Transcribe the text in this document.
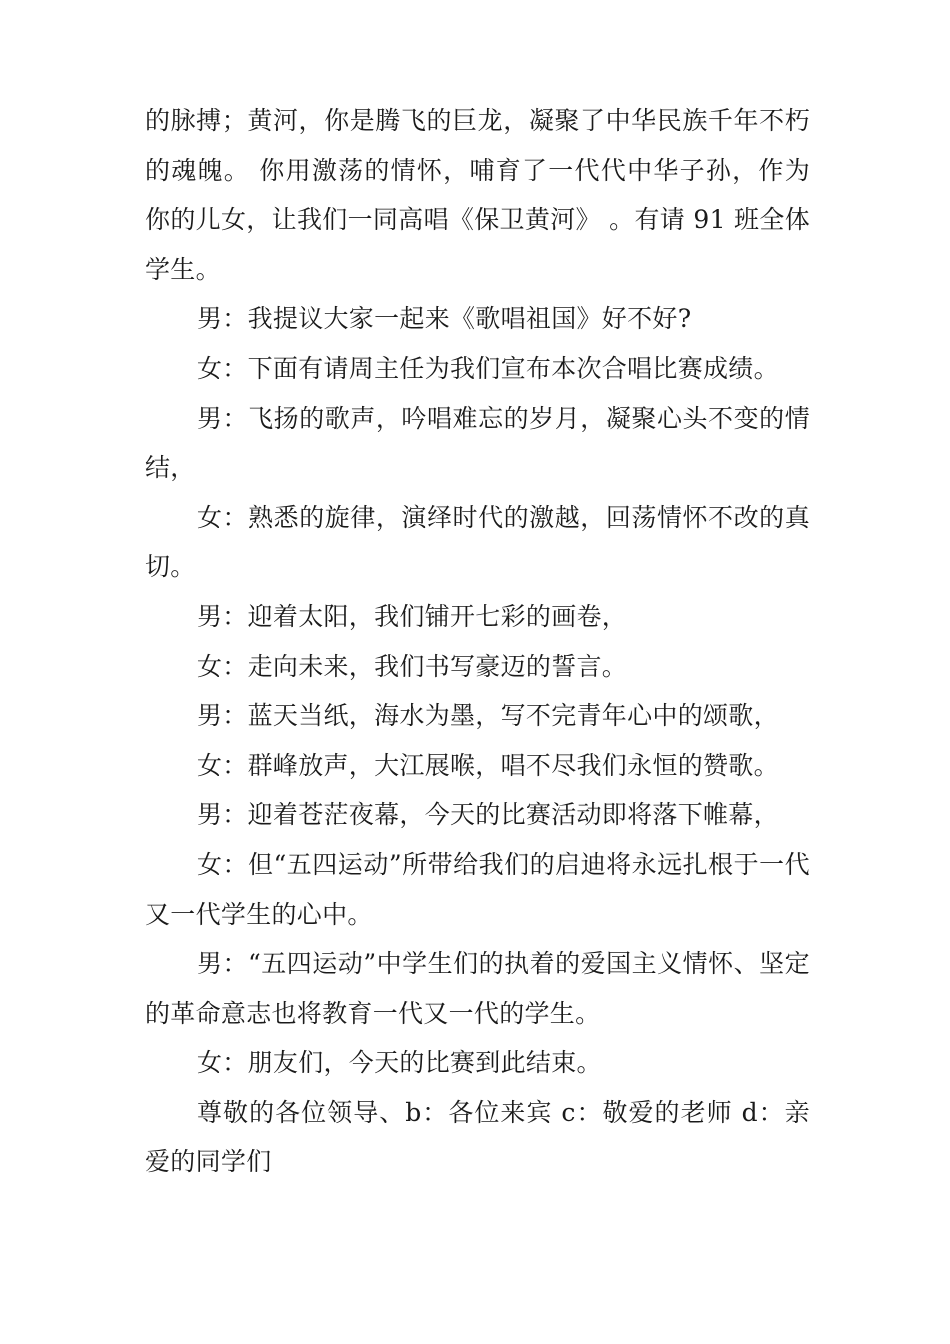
的脉搏；黄河，你是腾飞的巨龙，凝聚了中华民族千年不朽的魂魄。 你用激荡的情怀，哺育了一代代中华子孙，作为你的儿女，让我们一同高唱《保卫黄河》 。有请 91 班全体学生。

男：我提议大家一起来《歌唱祖国》好不好?

女：下面有请周主任为我们宣布本次合唱比赛成绩。

男：飞扬的歌声，吟唱难忘的岁月，凝聚心头不变的情结，

女：熟悉的旋律，演绎时代的激越，回荡情怀不改的真切。

男：迎着太阳，我们铺开七彩的画卷，

女：走向未来，我们书写豪迈的誓言。

男：蓝天当纸，海水为墨，写不完青年心中的颂歌，

女：群峰放声，大江展喉，唱不尽我们永恒的赞歌。

男：迎着苍茫夜幕，今天的比赛活动即将落下帷幕，

女：但“五四运动”所带给我们的启迪将永远扎根于一代又一代学生的心中。

男：“五四运动”中学生们的执着的爱国主义情怀、坚定的革命意志也将教育一代又一代的学生。

女：朋友们，今天的比赛到此结束。

尊敬的各位领导、b：各位来宾 c：敬爱的老师 d：亲爱的同学们
